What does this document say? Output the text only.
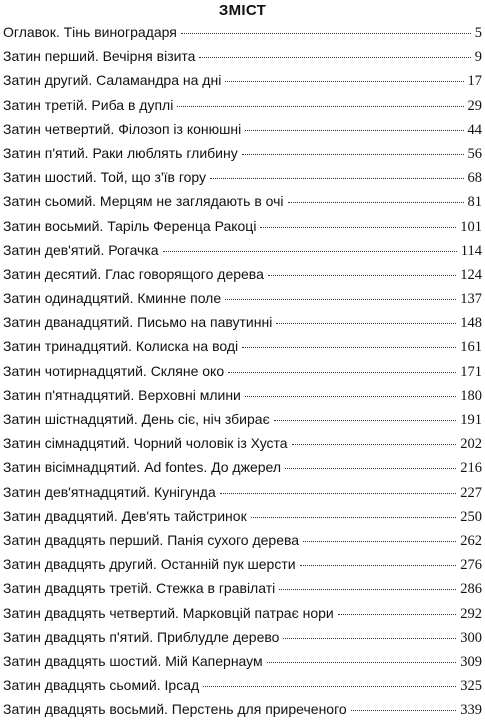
ЗМІСТ
Оглавок. Тінь виноградаря	5
Затин перший. Вечірня візита	9
Затин другий. Саламандра на дні	17
Затин третій. Риба в дуплі	29
Затин четвертий. Філозоп із конюшні	44
Затин п'ятий. Раки люблять глибину	56
Затин шостий. Той, що з'їв гору	68
Затин сьомий. Мерцям не заглядають в очі	81
Затин восьмий. Таріль Ференца Ракоці	101
Затин дев'ятий. Рогачка	114
Затин десятий. Глас говорящого дерева	124
Затин одинадцятий. Кминне поле	137
Затин дванадцятий. Письмо на павутинні	148
Затин тринадцятий. Колиска на воді	161
Затин чотирнадцятий. Скляне око	171
Затин п'ятнадцятий. Верховні млини	180
Затин шістнадцятий. День сіє, ніч збирає	191
Затин сімнадцятий. Чорний чоловік із Хуста	202
Затин вісімнадцятий. Ad fontes. До джерел	216
Затин дев'ятнадцятий. Кунігунда	227
Затин двадцятий. Дев'ять тайстринок	250
Затин двадцять перший. Панія сухого дерева	262
Затин двадцять другий. Останній пук шерсти	276
Затин двадцять третій. Стежка в гравілаті	286
Затин двадцять четвертий. Марковцій патрає нори	292
Затин двадцять п'ятий. Приблудле дерево	300
Затин двадцять шостий. Мій Капернаум	309
Затин двадцять сьомий. Ірсад	325
Затин двадцять восьмий. Перстень для приреченого	339
